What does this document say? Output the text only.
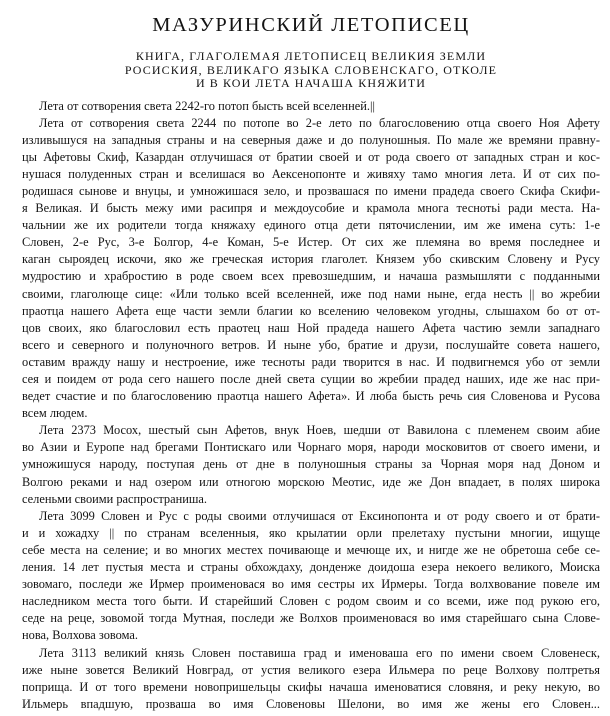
МАЗУРИНСКИЙ ЛЕТОПИСЕЦ
КНИГА, ГЛАГОЛЕМАЯ ЛЕТОПИСЕЦ ВЕЛИКИЯ ЗЕМЛИ
РОСИСКИЯ, ВЕЛИКАГО ЯЗЫКА СЛОВЕНСКАГО, ОТКОЛЕ
И В КОИ ЛЕТА НАЧАША КНЯЖИТИ
Лета от сотворения света 2242-го потоп бысть всей вселенней.||
Лета от сотворения света 2244 по потопе во 2-е лето по благословению отца своего Ноя Афету
изливышуся на западныя страны и на северныя даже и до полуношныя. По мале же времяни правну-
цы Афетовы Скиф, Казардан отлучишася от братии своей и от рода своего от западных стран и кос-
нушася полуденных стран и вселишася во Аексенопонте и живяху тамо многия лета. И от сих по-
родишася сынове и внуцы, и умножишася зело, и прозвашася по имени прадеда своего Скифа Скифи-
я Великая. И бысть межу ими расипря и междоусобие и крамола многа теснотьі ради места. На-
чальнии же их родители тогда княжаху единого отца дети пяточислении, им же имена суть: 1-е
Словен, 2-е Рус, 3-е Болгор, 4-е Коман, 5-е Истер. От сих же племяна во время последнее и
каган сыроядец искочи, яко же греческая история глаголет. Князем убо скивским Словену и Русу
мудростию и храбростию в роде своем всех превозшедшим, и начаша размышляти с подданными
своими, глаголюще сице: «Или только всей вселенней, иже под нами ныне, егда несть || во жребии
праотца нашего Афета еще части земли благии ко вселению человеком угодны, слышахом бо от от-
цов своих, яко благословил есть праотец наш Ной прадеда нашего Афета частию земли западнаго
всего и северного и полуночного ветров. И ныне убо, братие и друзи, послушайте совета нашего,
оставим вражду нашу и нестроение, иже тесноты ради творится в нас. И подвигнемся убо от земли
сея и поидем от рода сего нашего после дней света сущии во жребии прадед наших, иде же нас при-
ведет счастие и по благословению праотца нашего Афета». И люба бысть речь сия Словенова и Русова
всем людем.
Лета 2373 Мосох, шестый сын Афетов, внук Ноев, шедши от Вавилона с племенем своим абие
во Азии и Еуропе над брегами Понтискаго или Чорнаго моря, народи московитов от своего имени, и
умножишуся народу, поступая день от дне в полуношныя страны за Чорная моря над Доном и
Волгою реками и над озером или отногою морскою Меотис, иде же Дон впадает, в полях широка
селеньми своими распространиша.
Лета 3099 Словен и Рус с роды своими отлучишася от Ексинопонта и от роду своего и от брати-
и и хожадху || по странам вселенныя, яко крылатии орли прелетаху пустыни многии, ищуще
себе места на селение; и во многих местех почивающе и мечюще их, и нигде же не обретоша себе се-
ления. 14 лет пустыя места и страны обхождаху, донденже доидоша езера некоего великого, Моиска
зовомаго, последи же Ирмер проименовася во имя сестры их Ирмеры. Тогда волхвование повеле им
наследником места того быти. И старейший Словен с родом своим и со всеми, иже под рукою его,
седе на реце, зовомой тогда Мутная, последи же Волхов проименовася во имя старейшаго сына Слове-
нова, Волхова зовома.
Лета 3113 великий князь Словен поставиша град и именоваша его по имени своем Словенеск,
иже ныне зовется Великий Новград, от устия великого езера Ильмера по реце Волхову полтретья
поприща. И от того времени новопришельцы скифы начаша именоватися словяня, и реку некую, во
Ильмерь впадшую, прозваша во имя Словеновы Шелони, во имя же жены его Словен...
